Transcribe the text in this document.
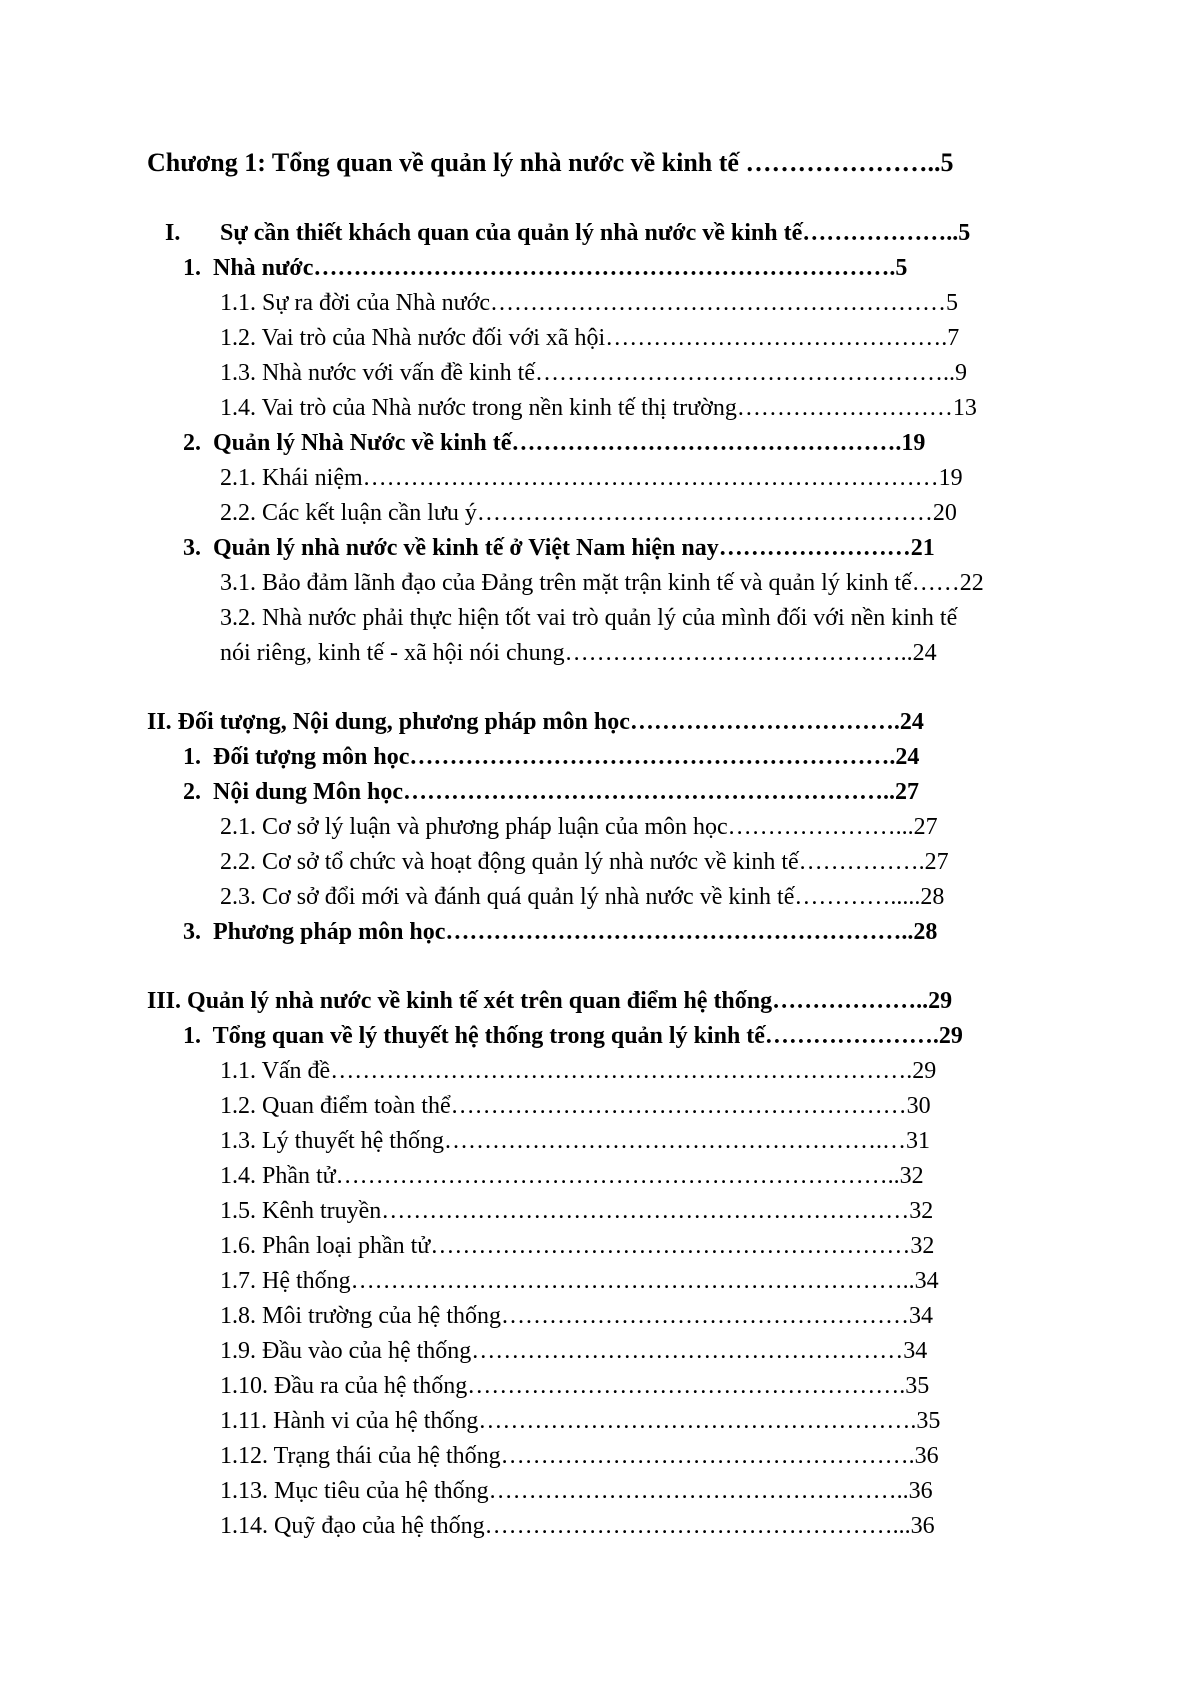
Chương 1: Tổng quan về quản lý nhà nước về kinh tế …………………..5
I. Sự cần thiết khách quan của quản lý nhà nước về kinh tế………………..5
1.  Nhà nước……………………………………………………………….5
1.1. Sự ra đời của Nhà nước…………………………………………………5
1.2. Vai trò của Nhà nước đối với xã hội…………………………………….7
1.3. Nhà nước với vấn đề kinh tế……………………………………………..9
1.4. Vai trò của Nhà nước trong nền kinh tế thị trường………………………13
2.  Quản lý Nhà Nước về kinh tế………………………………………….19
2.1. Khái niệm………………………………………………………………19
2.2. Các kết luận cần lưu ý…………………………………………………20
3.  Quản lý nhà nước về kinh tế ở Việt Nam hiện nay……………………21
3.1. Bảo đảm lãnh đạo của Đảng trên mặt trận kinh tế và quản lý kinh tế……22
3.2. Nhà nước phải thực hiện tốt vai trò quản lý của mình đối với nền kinh tế
nói riêng, kinh tế - xã hội nói chung……………………………………..24
II. Đối tượng, Nội dung, phương pháp môn học…………………………….24
1.  Đối tượng môn học…………………………………………………….24
2.  Nội dung Môn học……………………………………………………..27
2.1. Cơ sở lý luận và phương pháp luận của môn học…………………...27
2.2. Cơ sở tổ chức và hoạt động quản lý nhà nước về kinh tế…………….27
2.3. Cơ sở đổi mới và đánh quá quản lý nhà nước về kinh tế………….....28
3.  Phương pháp môn học…………………………………………………..28
III. Quản lý nhà nước về kinh tế xét trên quan điểm hệ thống………………..29
1.  Tổng quan về lý thuyết hệ thống trong quản lý kinh tế………………….29
1.1. Vấn đề……………………………………………………………….29
1.2. Quan điểm toàn thể…………………………………………………30
1.3. Lý thuyết hệ thống……………………………………………….…31
1.4. Phần tử……………………………………………………………..32
1.5. Kênh truyền…………………………………………………………32
1.6. Phân loại phần tử……………………………………………………32
1.7. Hệ thống……………………………………………………………..34
1.8. Môi trường của hệ thống……………………………………………34
1.9. Đầu vào của hệ thống………………………………………………34
1.10. Đầu ra của hệ thống……………………………………………….35
1.11. Hành vi của hệ thống……………………………………………….35
1.12. Trạng thái của hệ thống…………………………………………….36
1.13. Mục tiêu của hệ thống……………………………………………..36
1.14. Quỹ đạo của hệ thống……………………………………………...36
